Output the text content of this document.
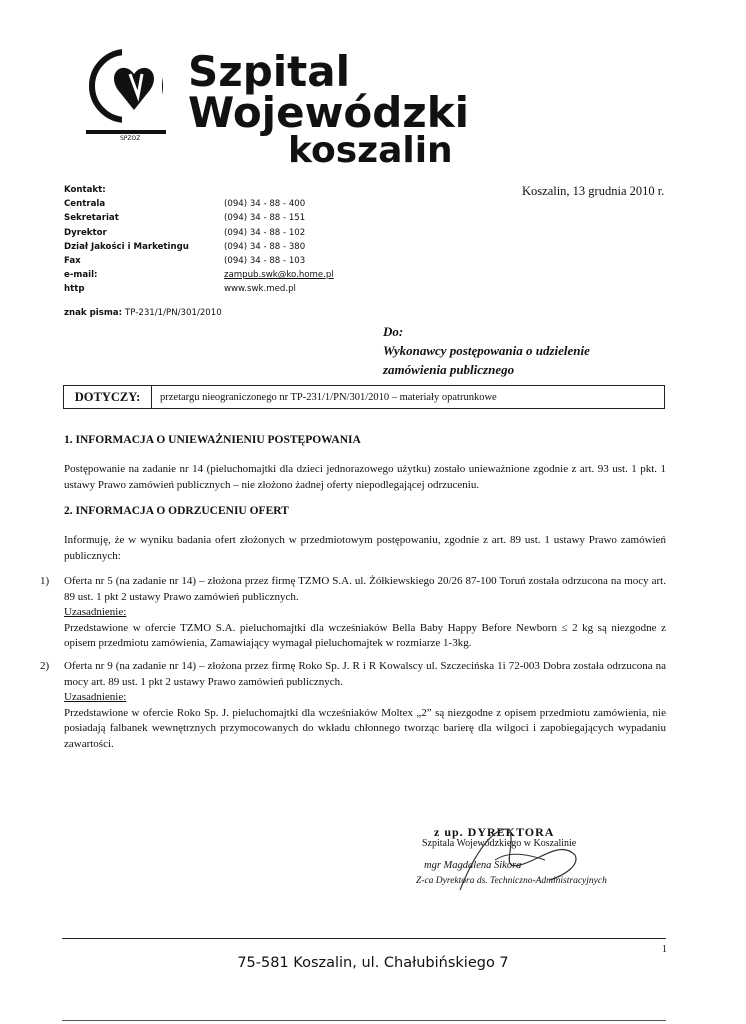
SPZOZ
Szpital
Wojewódzki
koszalin
Kontakt:
Centrala	(094) 34 - 88 - 400
Sekretariat	(094) 34 - 88 - 151
Dyrektor	(094) 34 - 88 - 102
Dział Jakości i Marketingu	(094) 34 - 88 - 380
Fax	(094) 34 - 88 - 103
e-mail:	zampub.swk@ko.home.pl
http	www.swk.med.pl
Koszalin, 13 grudnia 2010 r.
znak pisma: TP-231/1/PN/301/2010
Do:
Wykonawcy postępowania o udzielenie
zamówienia publicznego
DOTYCZY:	przetargu nieograniczonego nr TP-231/1/PN/301/2010 – materiały opatrunkowe
1. INFORMACJA O UNIEWAŻNIENIU POSTĘPOWANIA
Postępowanie na zadanie nr 14 (pieluchomajtki dla dzieci jednorazowego użytku) zostało unieważnione zgodnie z art. 93 ust. 1 pkt. 1 ustawy Prawo zamówień publicznych – nie złożono żadnej oferty niepodlegającej odrzuceniu.
2. INFORMACJA O ODRZUCENIU OFERT
Informuję, że w wyniku badania ofert złożonych w przedmiotowym postępowaniu, zgodnie z art. 89 ust. 1 ustawy Prawo zamówień publicznych:
1) Oferta nr 5 (na zadanie nr 14) – złożona przez firmę TZMO S.A. ul. Żółkiewskiego 20/26 87-100 Toruń została odrzucona na mocy art. 89 ust. 1 pkt 2 ustawy Prawo zamówień publicznych.
Uzasadnienie:
Przedstawione w ofercie TZMO S.A. pieluchomajtki dla wcześniaków Bella Baby Happy Before Newborn ≤ 2 kg są niezgodne z opisem przedmiotu zamówienia, Zamawiający wymagał pieluchomajtek w rozmiarze 1-3kg.
2) Oferta nr 9 (na zadanie nr 14) – złożona przez firmę Roko Sp. J. R i R Kowalscy ul. Szczecińska 1i 72-003 Dobra została odrzucona na mocy art. 89 ust. 1 pkt 2 ustawy Prawo zamówień publicznych.
Uzasadnienie:
Przedstawione w ofercie Roko Sp. J. pieluchomajtki dla wcześniaków Moltex „2” są niezgodne z opisem przedmiotu zamówienia, nie posiadają falbanek wewnętrznych przymocowanych do wkładu chłonnego tworząc barierę dla wilgoci i zapobiegających wypadaniu zawartości.
z up. DYREKTORA
Szpitala Wojewódzkiego w Koszalinie
mgr Magdalena Sikora
Z-ca Dyrektora ds. Techniczno-Administracyjnych
1
75-581 Koszalin, ul. Chałubińskiego 7
